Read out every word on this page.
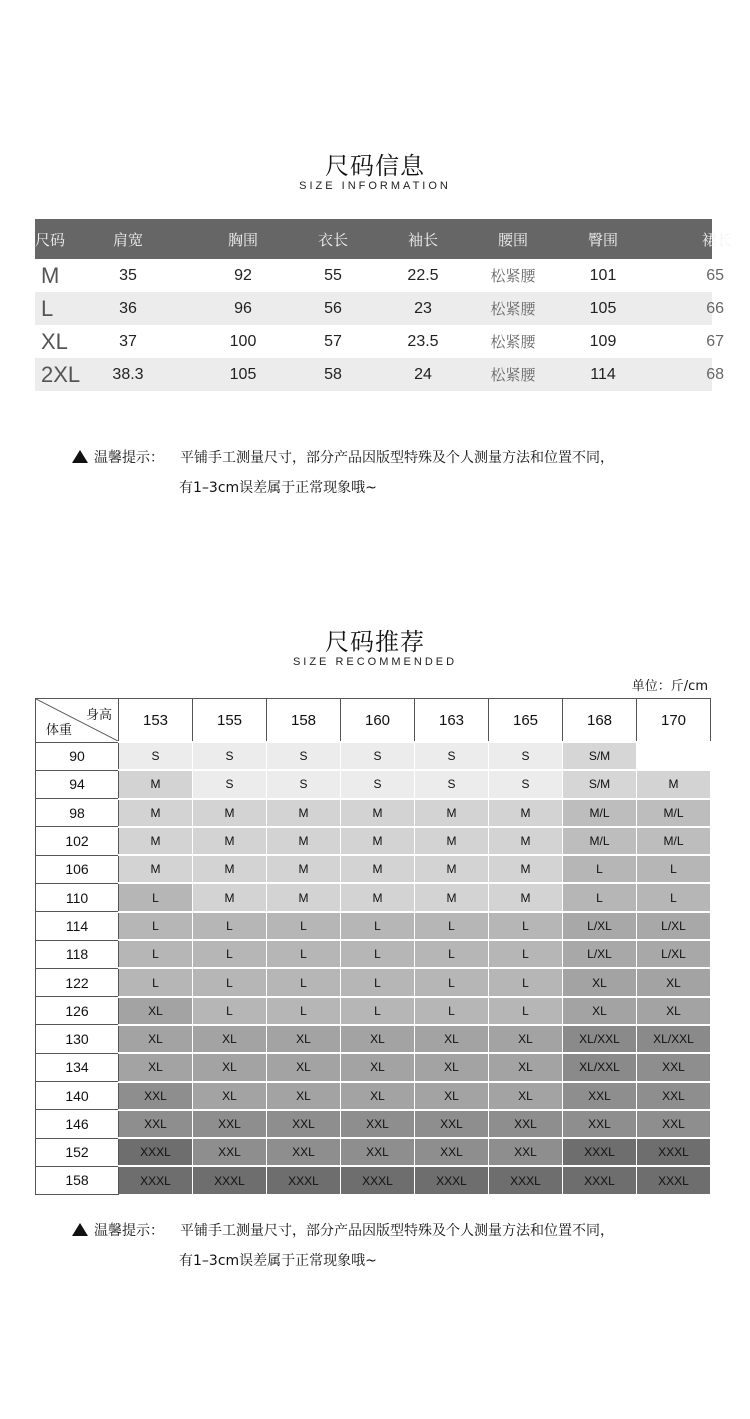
尺码信息
SIZE INFORMATION
尺码	肩宽	胸围	衣长	袖长	腰围	臀围	裙长
M	35	92	55	22.5	松紧腰	101	65
L	36	96	56	23	松紧腰	105	66
XL	37	100	57	23.5	松紧腰	109	67
2XL	38.3	105	58	24	松紧腰	114	68
温馨提示： 平铺手工测量尺寸，部分产品因版型特殊及个人测量方法和位置不同，
有1–3cm误差属于正常现象哦~
尺码推荐
SIZE RECOMMENDED
单位：斤/cm
身高
体重	153	155	158	160	163	165	168	170
90	S	S	S	S	S	S	S/M	
94	M	S	S	S	S	S	S/M	M
98	M	M	M	M	M	M	M/L	M/L
102	M	M	M	M	M	M	M/L	M/L
106	M	M	M	M	M	M	L	L
110	L	M	M	M	M	M	L	L
114	L	L	L	L	L	L	L/XL	L/XL
118	L	L	L	L	L	L	L/XL	L/XL
122	L	L	L	L	L	L	XL	XL
126	XL	L	L	L	L	L	XL	XL
130	XL	XL	XL	XL	XL	XL	XL/XXL	XL/XXL
134	XL	XL	XL	XL	XL	XL	XL/XXL	XXL
140	XXL	XL	XL	XL	XL	XL	XXL	XXL
146	XXL	XXL	XXL	XXL	XXL	XXL	XXL	XXL
152	XXXL	XXL	XXL	XXL	XXL	XXL	XXXL	XXXL
158	XXXL	XXXL	XXXL	XXXL	XXXL	XXXL	XXXL	XXXL
温馨提示： 平铺手工测量尺寸，部分产品因版型特殊及个人测量方法和位置不同，
有1–3cm误差属于正常现象哦~
